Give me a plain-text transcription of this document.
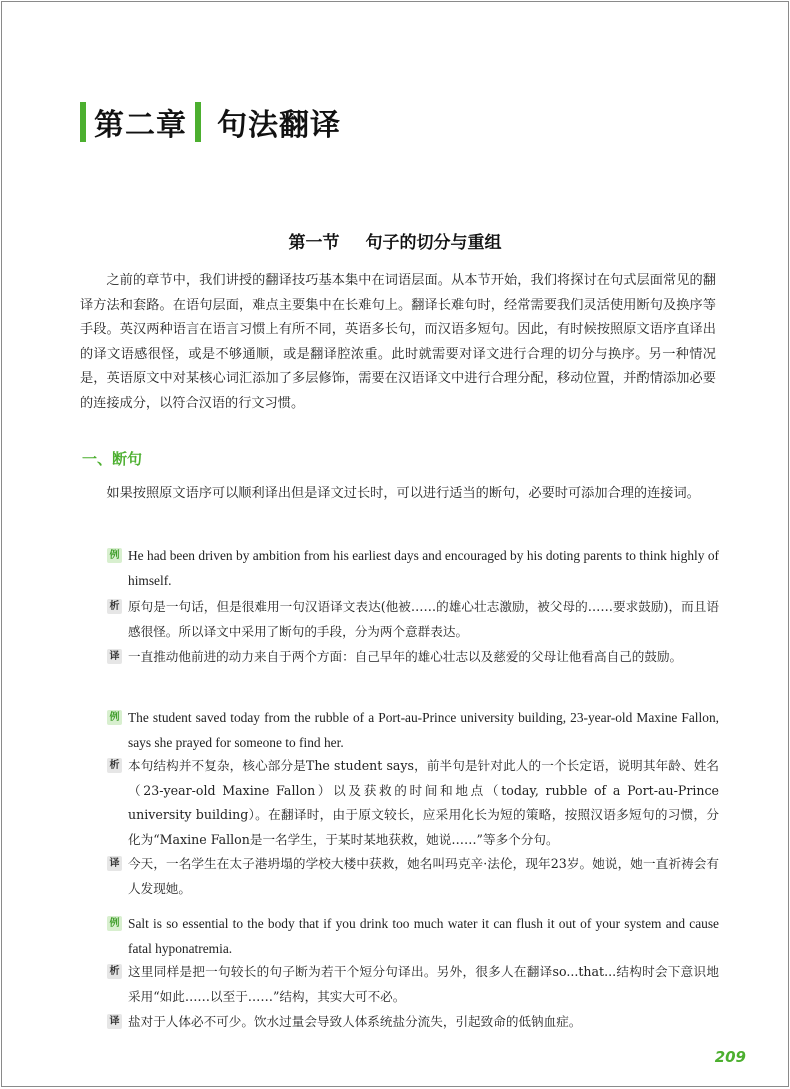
第二章 句法翻译
第一节 句子的切分与重组
之前的章节中，我们讲授的翻译技巧基本集中在词语层面。从本节开始，我们将探讨在句式层面常见的翻译方法和套路。在语句层面，难点主要集中在长难句上。翻译长难句时，经常需要我们灵活使用断句及换序等手段。英汉两种语言在语言习惯上有所不同，英语多长句，而汉语多短句。因此，有时候按照原文语序直译出的译文语感很怪，或是不够通顺，或是翻译腔浓重。此时就需要对译文进行合理的切分与换序。另一种情况是，英语原文中对某核心词汇添加了多层修饰，需要在汉语译文中进行合理分配，移动位置，并酌情添加必要的连接成分，以符合汉语的行文习惯。
一、断句
如果按照原文语序可以顺利译出但是译文过长时，可以进行适当的断句，必要时可添加合理的连接词。
例 He had been driven by ambition from his earliest days and encouraged by his doting parents to think highly of himself.
析 原句是一句话，但是很难用一句汉语译文表达(他被……的雄心壮志激励，被父母的……要求鼓励)，而且语感很怪。所以译文中采用了断句的手段，分为两个意群表达。
译 一直推动他前进的动力来自于两个方面：自己早年的雄心壮志以及慈爱的父母让他看高自己的鼓励。
例 The student saved today from the rubble of a Port-au-Prince university building, 23-year-old Maxine Fallon, says she prayed for someone to find her.
析 本句结构并不复杂，核心部分是The student says，前半句是针对此人的一个长定语，说明其年龄、姓名（23-year-old Maxine Fallon）以及获救的时间和地点（today, rubble of a Port-au-Prince university building）。在翻译时，由于原文较长，应采用化长为短的策略，按照汉语多短句的习惯，分化为“Maxine Fallon是一名学生，于某时某地获救，她说……”等多个分句。
译 今天，一名学生在太子港坍塌的学校大楼中获救，她名叫玛克辛·法伦，现年23岁。她说，她一直祈祷会有人发现她。
例 Salt is so essential to the body that if you drink too much water it can flush it out of your system and cause fatal hyponatremia.
析 这里同样是把一句较长的句子断为若干个短分句译出。另外，很多人在翻译so...that...结构时会下意识地采用“如此……以至于……”结构，其实大可不必。
译 盐对于人体必不可少。饮水过量会导致人体系统盐分流失，引起致命的低钠血症。
209
